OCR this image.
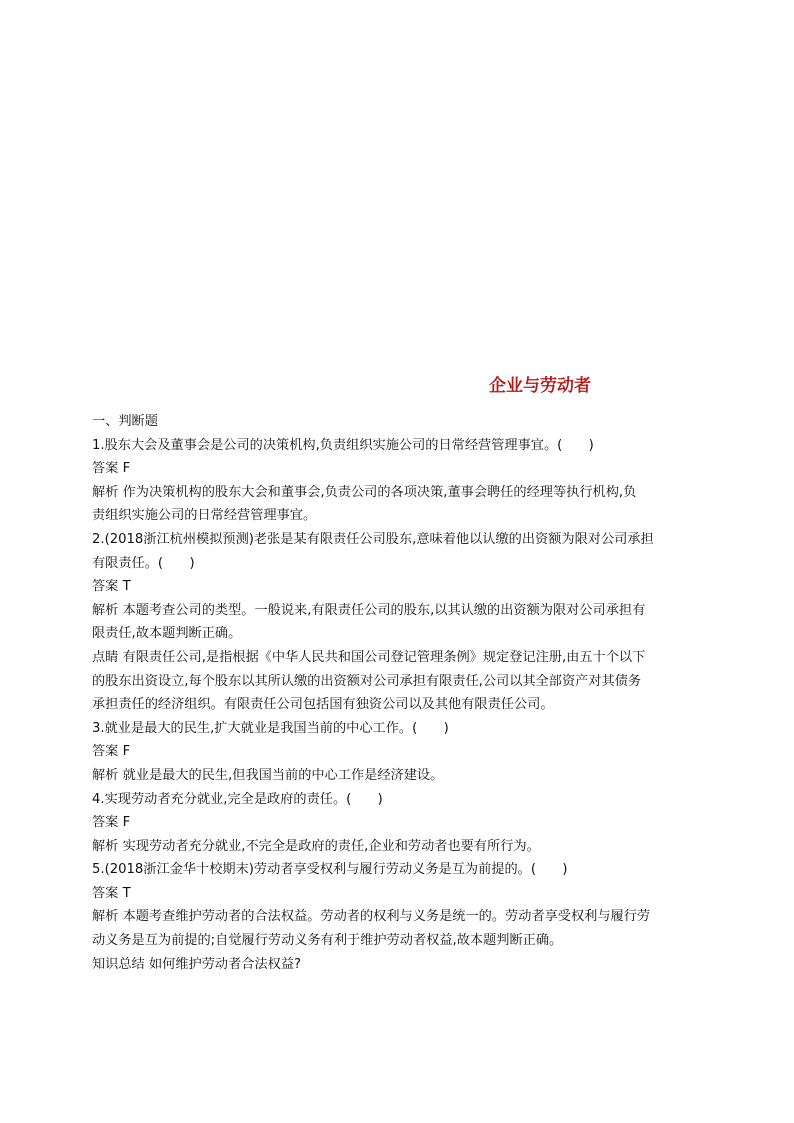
企业与劳动者
一、判断题
1.股东大会及董事会是公司的决策机构,负责组织实施公司的日常经营管理事宜。(　　)
答案 F
解析 作为决策机构的股东大会和董事会,负责公司的各项决策,董事会聘任的经理等执行机构,负
责组织实施公司的日常经营管理事宜。
2.(2018浙江杭州模拟预测)老张是某有限责任公司股东,意味着他以认缴的出资额为限对公司承担
有限责任。(　　)
答案 T
解析 本题考查公司的类型。一般说来,有限责任公司的股东,以其认缴的出资额为限对公司承担有
限责任,故本题判断正确。
点睛 有限责任公司,是指根据《中华人民共和国公司登记管理条例》规定登记注册,由五十个以下
的股东出资设立,每个股东以其所认缴的出资额对公司承担有限责任,公司以其全部资产对其债务
承担责任的经济组织。有限责任公司包括国有独资公司以及其他有限责任公司。
3.就业是最大的民生,扩大就业是我国当前的中心工作。(　　)
答案 F
解析 就业是最大的民生,但我国当前的中心工作是经济建设。
4.实现劳动者充分就业,完全是政府的责任。(　　)
答案 F
解析 实现劳动者充分就业,不完全是政府的责任,企业和劳动者也要有所行为。
5.(2018浙江金华十校期末)劳动者享受权利与履行劳动义务是互为前提的。(　　)
答案 T
解析 本题考查维护劳动者的合法权益。劳动者的权利与义务是统一的。劳动者享受权利与履行劳
动义务是互为前提的;自觉履行劳动义务有利于维护劳动者权益,故本题判断正确。
知识总结 如何维护劳动者合法权益?
